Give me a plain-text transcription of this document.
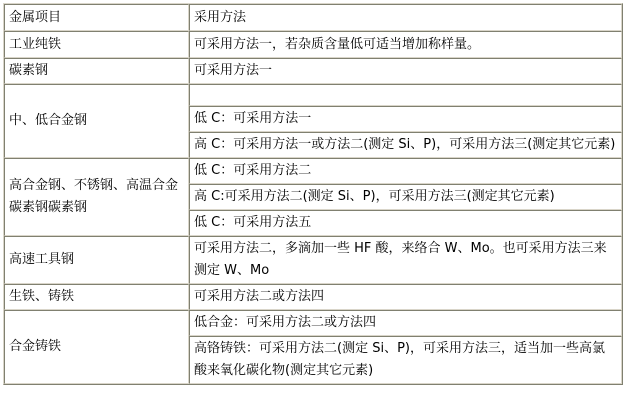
金属项目	采用方法
工业纯铁	可采用方法一，若杂质含量低可适当增加称样量。
碳素钢	可采用方法一
中、低合金钢	
	低 C：可采用方法一
	高 C：可采用方法一或方法二(测定 Si、P)，可采用方法三(测定其它元素)
高合金钢、不锈钢、高温合金碳素钢碳素钢	低 C：可采用方法二
	高 C:可采用方法二(测定 Si、P)，可采用方法三(测定其它元素)
	低 C：可采用方法五
高速工具钢	可采用方法二，多滴加一些 HF 酸，来络合 W、Mo。也可采用方法三来测定 W、Mo
生铁、铸铁	可采用方法二或方法四
合金铸铁	低合金：可采用方法二或方法四
	高铬铸铁：可采用方法二(测定 Si、P)，可采用方法三，适当加一些高氯酸来氧化碳化物(测定其它元素)
